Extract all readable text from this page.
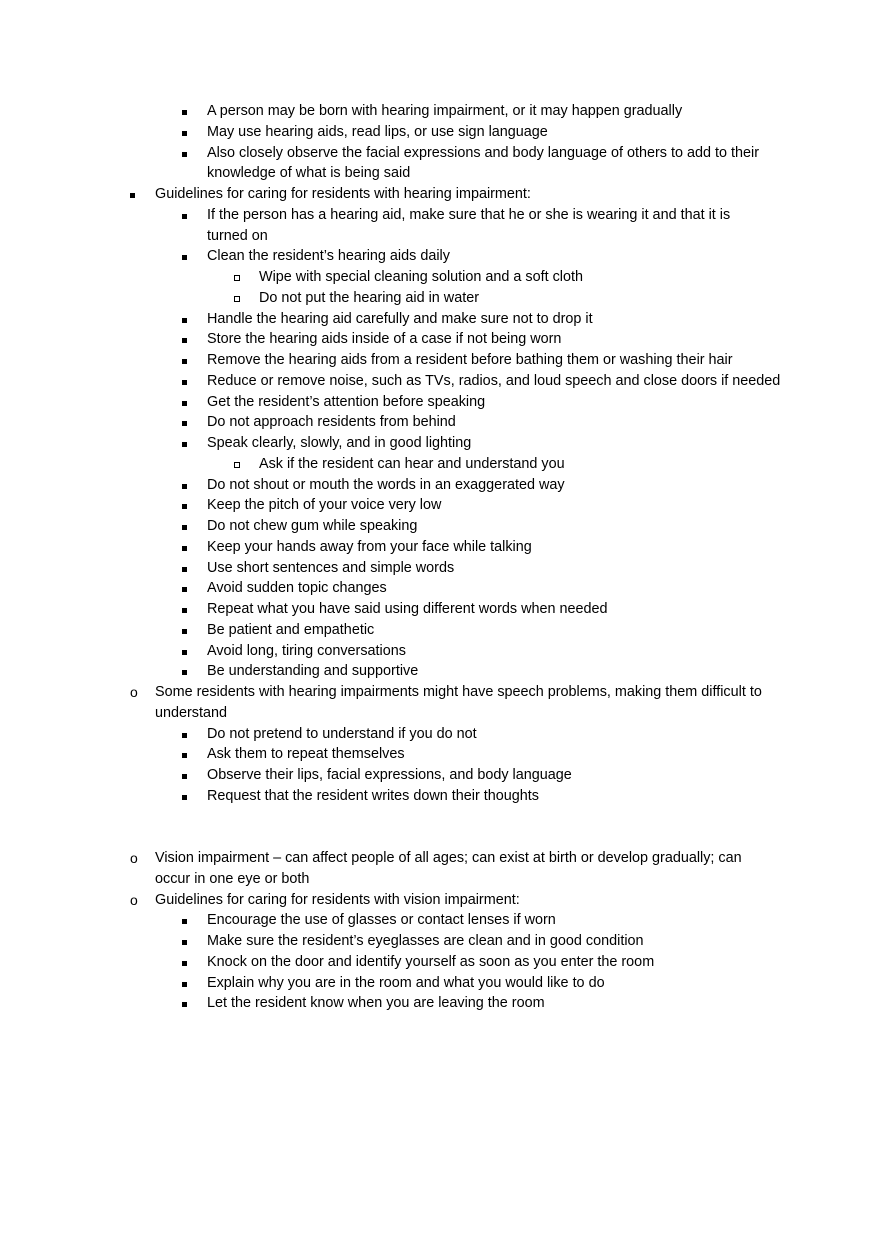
A person may be born with hearing impairment, or it may happen gradually
May use hearing aids, read lips, or use sign language
Also closely observe the facial expressions and body language of others to add to their
knowledge of what is being said
Guidelines for caring for residents with hearing impairment:
If the person has a hearing aid, make sure that he or she is wearing it and that it is
turned on
Clean the resident’s hearing aids daily
Wipe with special cleaning solution and a soft cloth
Do not put the hearing aid in water
Handle the hearing aid carefully and make sure not to drop it
Store the hearing aids inside of a case if not being worn
Remove the hearing aids from a resident before bathing them or washing their hair
Reduce or remove noise, such as TVs, radios, and loud speech and close doors if needed
Get the resident’s attention before speaking
Do not approach residents from behind
Speak clearly, slowly, and in good lighting
Ask if the resident can hear and understand you
Do not shout or mouth the words in an exaggerated way
Keep the pitch of your voice very low
Do not chew gum while speaking
Keep your hands away from your face while talking
Use short sentences and simple words
Avoid sudden topic changes
Repeat what you have said using different words when needed
Be patient and empathetic
Avoid long, tiring conversations
Be understanding and supportive
o Some residents with hearing impairments might have speech problems, making them difficult to
understand
Do not pretend to understand if you do not
Ask them to repeat themselves
Observe their lips, facial expressions, and body language
Request that the resident writes down their thoughts
o Vision impairment – can affect people of all ages; can exist at birth or develop gradually; can
occur in one eye or both
o Guidelines for caring for residents with vision impairment:
Encourage the use of glasses or contact lenses if worn
Make sure the resident’s eyeglasses are clean and in good condition
Knock on the door and identify yourself as soon as you enter the room
Explain why you are in the room and what you would like to do
Let the resident know when you are leaving the room
